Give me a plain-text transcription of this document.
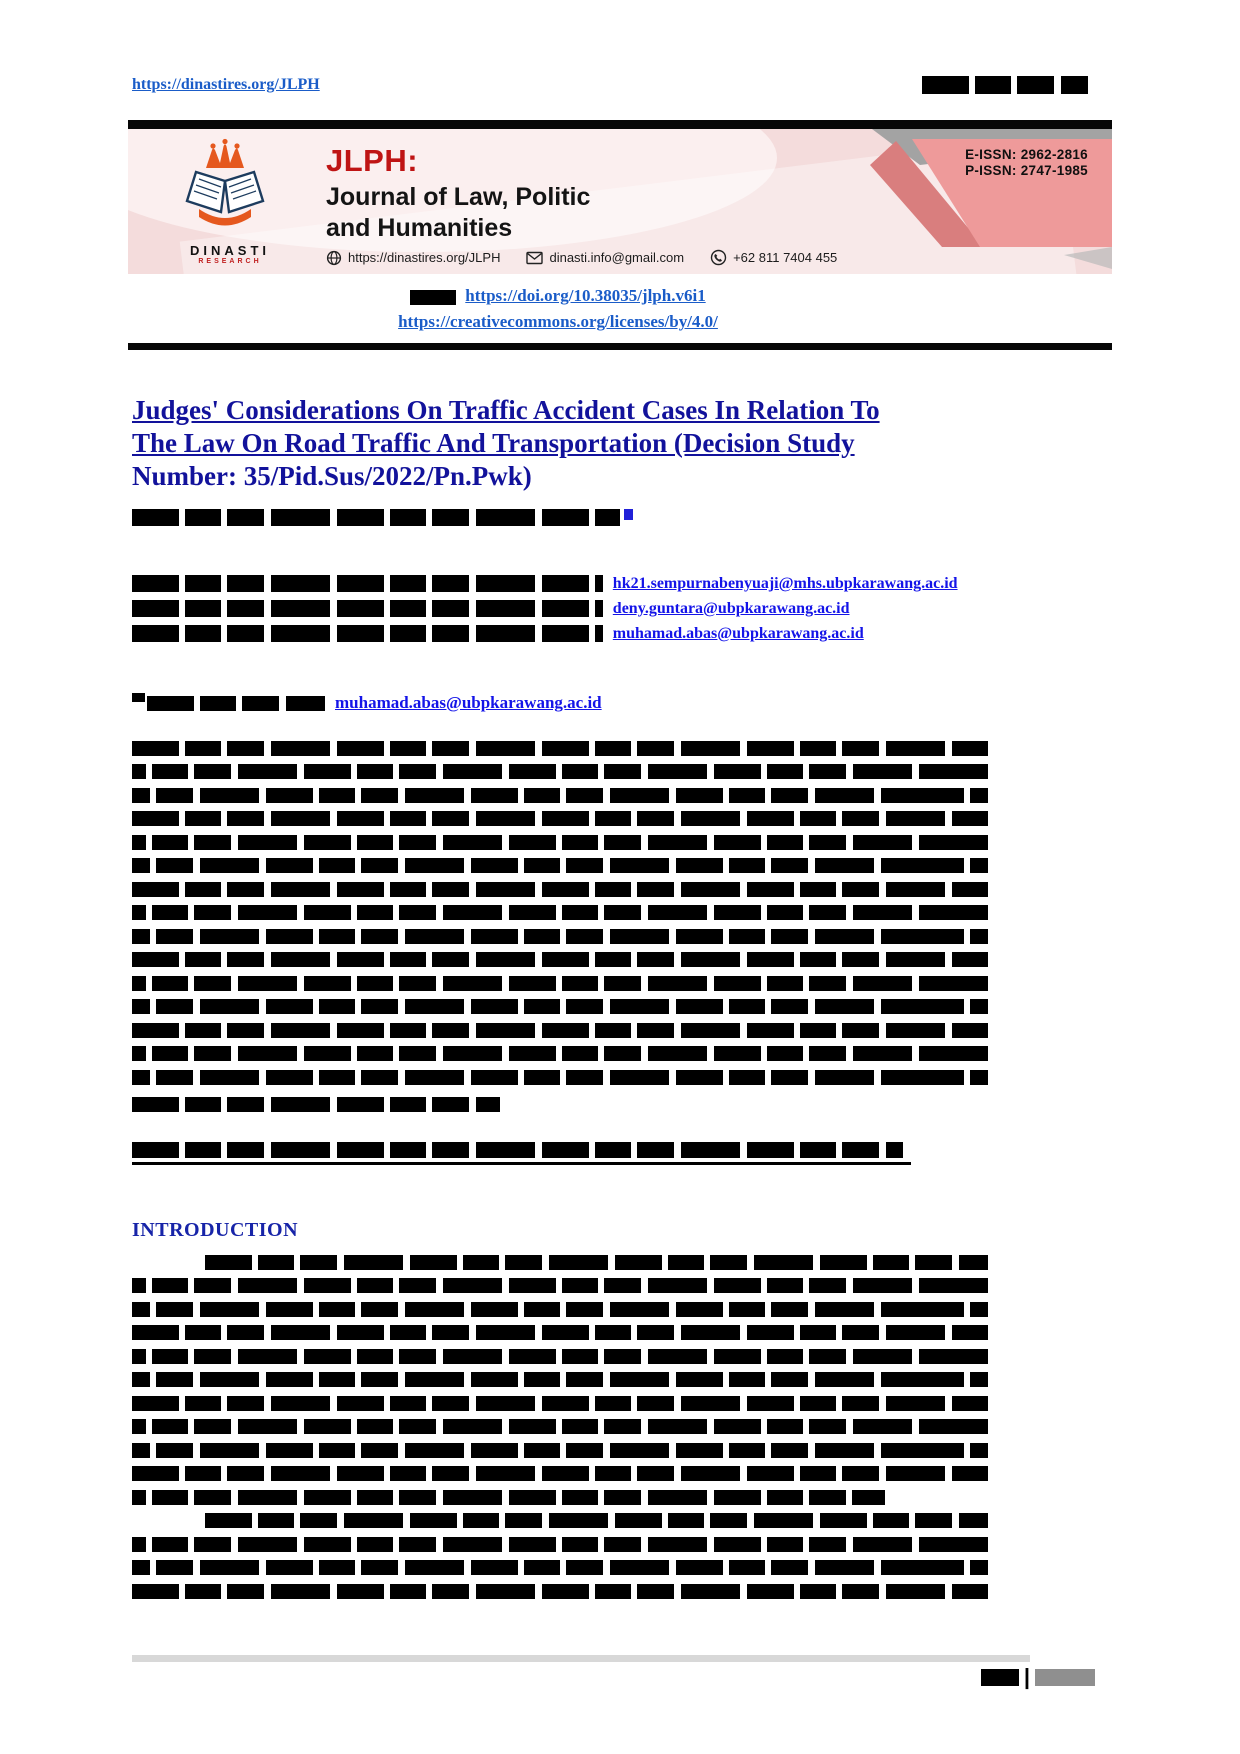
https://dinastires.org/JLPH
DINASTI
RESEARCH
JLPH:
Journal of Law, Politic
and Humanities
https://dinastires.org/JLPH	dinasti.info@gmail.com	+62 811 7404 455
E-ISSN: 2962-2816
P-ISSN: 2747-1985
https://doi.org/10.38035/jlph.v6i1
https://creativecommons.org/licenses/by/4.0/
Judges' Considerations On Traffic Accident Cases In Relation To
The Law On Road Traffic And Transportation (Decision Study
Number: 35/Pid.Sus/2022/Pn.Pwk)
hk21.sempurnabenyuaji@mhs.ubpkarawang.ac.id
deny.guntara@ubpkarawang.ac.id
muhamad.abas@ubpkarawang.ac.id
muhamad.abas@ubpkarawang.ac.id
INTRODUCTION
|
